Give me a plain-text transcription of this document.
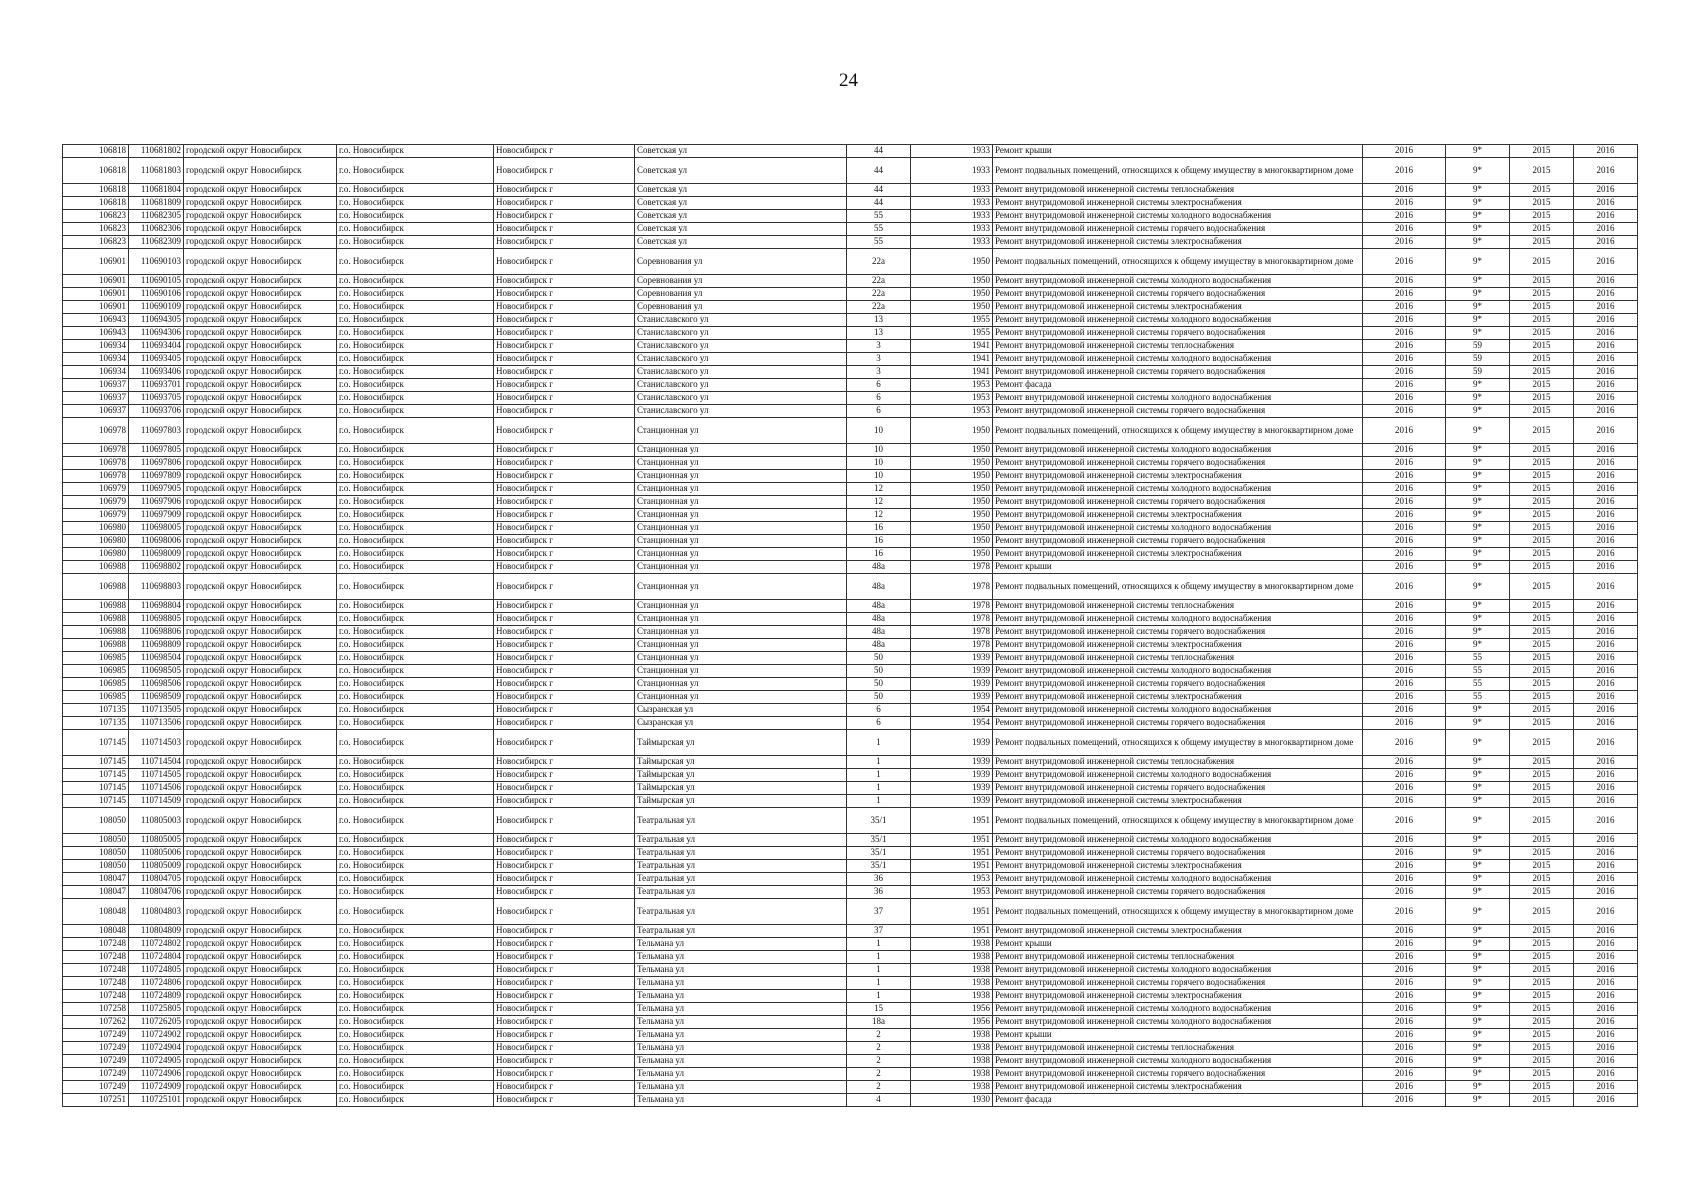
24
106818	110681802	городской округ Новосибирск	г.о. Новосибирск	Новосибирск г	Советская ул	44	1933	Ремонт крыши	2016	9*	2015	2016
106818	110681803	городской округ Новосибирск	г.о. Новосибирск	Новосибирск г	Советская ул	44	1933	Ремонт подвальных помещений, относящихся к общему имуществу в многоквартирном доме	2016	9*	2015	2016
106818	110681804	городской округ Новосибирск	г.о. Новосибирск	Новосибирск г	Советская ул	44	1933	Ремонт внутридомовой инженерной системы теплоснабжения	2016	9*	2015	2016
106818	110681809	городской округ Новосибирск	г.о. Новосибирск	Новосибирск г	Советская ул	44	1933	Ремонт внутридомовой инженерной системы электроснабжения	2016	9*	2015	2016
106823	110682305	городской округ Новосибирск	г.о. Новосибирск	Новосибирск г	Советская ул	55	1933	Ремонт внутридомовой инженерной системы холодного водоснабжения	2016	9*	2015	2016
106823	110682306	городской округ Новосибирск	г.о. Новосибирск	Новосибирск г	Советская ул	55	1933	Ремонт внутридомовой инженерной системы горячего водоснабжения	2016	9*	2015	2016
106823	110682309	городской округ Новосибирск	г.о. Новосибирск	Новосибирск г	Советская ул	55	1933	Ремонт внутридомовой инженерной системы электроснабжения	2016	9*	2015	2016
106901	110690103	городской округ Новосибирск	г.о. Новосибирск	Новосибирск г	Соревнования ул	22а	1950	Ремонт подвальных помещений, относящихся к общему имуществу в многоквартирном доме	2016	9*	2015	2016
106901	110690105	городской округ Новосибирск	г.о. Новосибирск	Новосибирск г	Соревнования ул	22а	1950	Ремонт внутридомовой инженерной системы холодного водоснабжения	2016	9*	2015	2016
106901	110690106	городской округ Новосибирск	г.о. Новосибирск	Новосибирск г	Соревнования ул	22а	1950	Ремонт внутридомовой инженерной системы горячего водоснабжения	2016	9*	2015	2016
106901	110690109	городской округ Новосибирск	г.о. Новосибирск	Новосибирск г	Соревнования ул	22а	1950	Ремонт внутридомовой инженерной системы электроснабжения	2016	9*	2015	2016
106943	110694305	городской округ Новосибирск	г.о. Новосибирск	Новосибирск г	Станиславского ул	13	1955	Ремонт внутридомовой инженерной системы холодного водоснабжения	2016	9*	2015	2016
106943	110694306	городской округ Новосибирск	г.о. Новосибирск	Новосибирск г	Станиславского ул	13	1955	Ремонт внутридомовой инженерной системы горячего водоснабжения	2016	9*	2015	2016
106934	110693404	городской округ Новосибирск	г.о. Новосибирск	Новосибирск г	Станиславского ул	3	1941	Ремонт внутридомовой инженерной системы теплоснабжения	2016	59	2015	2016
106934	110693405	городской округ Новосибирск	г.о. Новосибирск	Новосибирск г	Станиславского ул	3	1941	Ремонт внутридомовой инженерной системы холодного водоснабжения	2016	59	2015	2016
106934	110693406	городской округ Новосибирск	г.о. Новосибирск	Новосибирск г	Станиславского ул	3	1941	Ремонт внутридомовой инженерной системы горячего водоснабжения	2016	59	2015	2016
106937	110693701	городской округ Новосибирск	г.о. Новосибирск	Новосибирск г	Станиславского ул	6	1953	Ремонт фасада	2016	9*	2015	2016
106937	110693705	городской округ Новосибирск	г.о. Новосибирск	Новосибирск г	Станиславского ул	6	1953	Ремонт внутридомовой инженерной системы холодного водоснабжения	2016	9*	2015	2016
106937	110693706	городской округ Новосибирск	г.о. Новосибирск	Новосибирск г	Станиславского ул	6	1953	Ремонт внутридомовой инженерной системы горячего водоснабжения	2016	9*	2015	2016
106978	110697803	городской округ Новосибирск	г.о. Новосибирск	Новосибирск г	Станционная ул	10	1950	Ремонт подвальных помещений, относящихся к общему имуществу в многоквартирном доме	2016	9*	2015	2016
106978	110697805	городской округ Новосибирск	г.о. Новосибирск	Новосибирск г	Станционная ул	10	1950	Ремонт внутридомовой инженерной системы холодного водоснабжения	2016	9*	2015	2016
106978	110697806	городской округ Новосибирск	г.о. Новосибирск	Новосибирск г	Станционная ул	10	1950	Ремонт внутридомовой инженерной системы горячего водоснабжения	2016	9*	2015	2016
106978	110697809	городской округ Новосибирск	г.о. Новосибирск	Новосибирск г	Станционная ул	10	1950	Ремонт внутридомовой инженерной системы электроснабжения	2016	9*	2015	2016
106979	110697905	городской округ Новосибирск	г.о. Новосибирск	Новосибирск г	Станционная ул	12	1950	Ремонт внутридомовой инженерной системы холодного водоснабжения	2016	9*	2015	2016
106979	110697906	городской округ Новосибирск	г.о. Новосибирск	Новосибирск г	Станционная ул	12	1950	Ремонт внутридомовой инженерной системы горячего водоснабжения	2016	9*	2015	2016
106979	110697909	городской округ Новосибирск	г.о. Новосибирск	Новосибирск г	Станционная ул	12	1950	Ремонт внутридомовой инженерной системы электроснабжения	2016	9*	2015	2016
106980	110698005	городской округ Новосибирск	г.о. Новосибирск	Новосибирск г	Станционная ул	16	1950	Ремонт внутридомовой инженерной системы холодного водоснабжения	2016	9*	2015	2016
106980	110698006	городской округ Новосибирск	г.о. Новосибирск	Новосибирск г	Станционная ул	16	1950	Ремонт внутридомовой инженерной системы горячего водоснабжения	2016	9*	2015	2016
106980	110698009	городской округ Новосибирск	г.о. Новосибирск	Новосибирск г	Станционная ул	16	1950	Ремонт внутридомовой инженерной системы электроснабжения	2016	9*	2015	2016
106988	110698802	городской округ Новосибирск	г.о. Новосибирск	Новосибирск г	Станционная ул	48а	1978	Ремонт крыши	2016	9*	2015	2016
106988	110698803	городской округ Новосибирск	г.о. Новосибирск	Новосибирск г	Станционная ул	48а	1978	Ремонт подвальных помещений, относящихся к общему имуществу в многоквартирном доме	2016	9*	2015	2016
106988	110698804	городской округ Новосибирск	г.о. Новосибирск	Новосибирск г	Станционная ул	48а	1978	Ремонт внутридомовой инженерной системы теплоснабжения	2016	9*	2015	2016
106988	110698805	городской округ Новосибирск	г.о. Новосибирск	Новосибирск г	Станционная ул	48а	1978	Ремонт внутридомовой инженерной системы холодного водоснабжения	2016	9*	2015	2016
106988	110698806	городской округ Новосибирск	г.о. Новосибирск	Новосибирск г	Станционная ул	48а	1978	Ремонт внутридомовой инженерной системы горячего водоснабжения	2016	9*	2015	2016
106988	110698809	городской округ Новосибирск	г.о. Новосибирск	Новосибирск г	Станционная ул	48а	1978	Ремонт внутридомовой инженерной системы электроснабжения	2016	9*	2015	2016
106985	110698504	городской округ Новосибирск	г.о. Новосибирск	Новосибирск г	Станционная ул	50	1939	Ремонт внутридомовой инженерной системы теплоснабжения	2016	55	2015	2016
106985	110698505	городской округ Новосибирск	г.о. Новосибирск	Новосибирск г	Станционная ул	50	1939	Ремонт внутридомовой инженерной системы холодного водоснабжения	2016	55	2015	2016
106985	110698506	городской округ Новосибирск	г.о. Новосибирск	Новосибирск г	Станционная ул	50	1939	Ремонт внутридомовой инженерной системы горячего водоснабжения	2016	55	2015	2016
106985	110698509	городской округ Новосибирск	г.о. Новосибирск	Новосибирск г	Станционная ул	50	1939	Ремонт внутридомовой инженерной системы электроснабжения	2016	55	2015	2016
107135	110713505	городской округ Новосибирск	г.о. Новосибирск	Новосибирск г	Сызранская ул	6	1954	Ремонт внутридомовой инженерной системы холодного водоснабжения	2016	9*	2015	2016
107135	110713506	городской округ Новосибирск	г.о. Новосибирск	Новосибирск г	Сызранская ул	6	1954	Ремонт внутридомовой инженерной системы горячего водоснабжения	2016	9*	2015	2016
107145	110714503	городской округ Новосибирск	г.о. Новосибирск	Новосибирск г	Таймырская ул	1	1939	Ремонт подвальных помещений, относящихся к общему имуществу в многоквартирном доме	2016	9*	2015	2016
107145	110714504	городской округ Новосибирск	г.о. Новосибирск	Новосибирск г	Таймырская ул	1	1939	Ремонт внутридомовой инженерной системы теплоснабжения	2016	9*	2015	2016
107145	110714505	городской округ Новосибирск	г.о. Новосибирск	Новосибирск г	Таймырская ул	1	1939	Ремонт внутридомовой инженерной системы холодного водоснабжения	2016	9*	2015	2016
107145	110714506	городской округ Новосибирск	г.о. Новосибирск	Новосибирск г	Таймырская ул	1	1939	Ремонт внутридомовой инженерной системы горячего водоснабжения	2016	9*	2015	2016
107145	110714509	городской округ Новосибирск	г.о. Новосибирск	Новосибирск г	Таймырская ул	1	1939	Ремонт внутридомовой инженерной системы электроснабжения	2016	9*	2015	2016
108050	110805003	городской округ Новосибирск	г.о. Новосибирск	Новосибирск г	Театральная ул	35/1	1951	Ремонт подвальных помещений, относящихся к общему имуществу в многоквартирном доме	2016	9*	2015	2016
108050	110805005	городской округ Новосибирск	г.о. Новосибирск	Новосибирск г	Театральная ул	35/1	1951	Ремонт внутридомовой инженерной системы холодного водоснабжения	2016	9*	2015	2016
108050	110805006	городской округ Новосибирск	г.о. Новосибирск	Новосибирск г	Театральная ул	35/1	1951	Ремонт внутридомовой инженерной системы горячего водоснабжения	2016	9*	2015	2016
108050	110805009	городской округ Новосибирск	г.о. Новосибирск	Новосибирск г	Театральная ул	35/1	1951	Ремонт внутридомовой инженерной системы электроснабжения	2016	9*	2015	2016
108047	110804705	городской округ Новосибирск	г.о. Новосибирск	Новосибирск г	Театральная ул	36	1953	Ремонт внутридомовой инженерной системы холодного водоснабжения	2016	9*	2015	2016
108047	110804706	городской округ Новосибирск	г.о. Новосибирск	Новосибирск г	Театральная ул	36	1953	Ремонт внутридомовой инженерной системы горячего водоснабжения	2016	9*	2015	2016
108048	110804803	городской округ Новосибирск	г.о. Новосибирск	Новосибирск г	Театральная ул	37	1951	Ремонт подвальных помещений, относящихся к общему имуществу в многоквартирном доме	2016	9*	2015	2016
108048	110804809	городской округ Новосибирск	г.о. Новосибирск	Новосибирск г	Театральная ул	37	1951	Ремонт внутридомовой инженерной системы электроснабжения	2016	9*	2015	2016
107248	110724802	городской округ Новосибирск	г.о. Новосибирск	Новосибирск г	Тельмана ул	1	1938	Ремонт крыши	2016	9*	2015	2016
107248	110724804	городской округ Новосибирск	г.о. Новосибирск	Новосибирск г	Тельмана ул	1	1938	Ремонт внутридомовой инженерной системы теплоснабжения	2016	9*	2015	2016
107248	110724805	городской округ Новосибирск	г.о. Новосибирск	Новосибирск г	Тельмана ул	1	1938	Ремонт внутридомовой инженерной системы холодного водоснабжения	2016	9*	2015	2016
107248	110724806	городской округ Новосибирск	г.о. Новосибирск	Новосибирск г	Тельмана ул	1	1938	Ремонт внутридомовой инженерной системы горячего водоснабжения	2016	9*	2015	2016
107248	110724809	городской округ Новосибирск	г.о. Новосибирск	Новосибирск г	Тельмана ул	1	1938	Ремонт внутридомовой инженерной системы электроснабжения	2016	9*	2015	2016
107258	110725805	городской округ Новосибирск	г.о. Новосибирск	Новосибирск г	Тельмана ул	15	1956	Ремонт внутридомовой инженерной системы холодного водоснабжения	2016	9*	2015	2016
107262	110726205	городской округ Новосибирск	г.о. Новосибирск	Новосибирск г	Тельмана ул	18а	1956	Ремонт внутридомовой инженерной системы холодного водоснабжения	2016	9*	2015	2016
107249	110724902	городской округ Новосибирск	г.о. Новосибирск	Новосибирск г	Тельмана ул	2	1938	Ремонт крыши	2016	9*	2015	2016
107249	110724904	городской округ Новосибирск	г.о. Новосибирск	Новосибирск г	Тельмана ул	2	1938	Ремонт внутридомовой инженерной системы теплоснабжения	2016	9*	2015	2016
107249	110724905	городской округ Новосибирск	г.о. Новосибирск	Новосибирск г	Тельмана ул	2	1938	Ремонт внутридомовой инженерной системы холодного водоснабжения	2016	9*	2015	2016
107249	110724906	городской округ Новосибирск	г.о. Новосибирск	Новосибирск г	Тельмана ул	2	1938	Ремонт внутридомовой инженерной системы горячего водоснабжения	2016	9*	2015	2016
107249	110724909	городской округ Новосибирск	г.о. Новосибирск	Новосибирск г	Тельмана ул	2	1938	Ремонт внутридомовой инженерной системы электроснабжения	2016	9*	2015	2016
107251	110725101	городской округ Новосибирск	г.о. Новосибирск	Новосибирск г	Тельмана ул	4	1930	Ремонт фасада	2016	9*	2015	2016
